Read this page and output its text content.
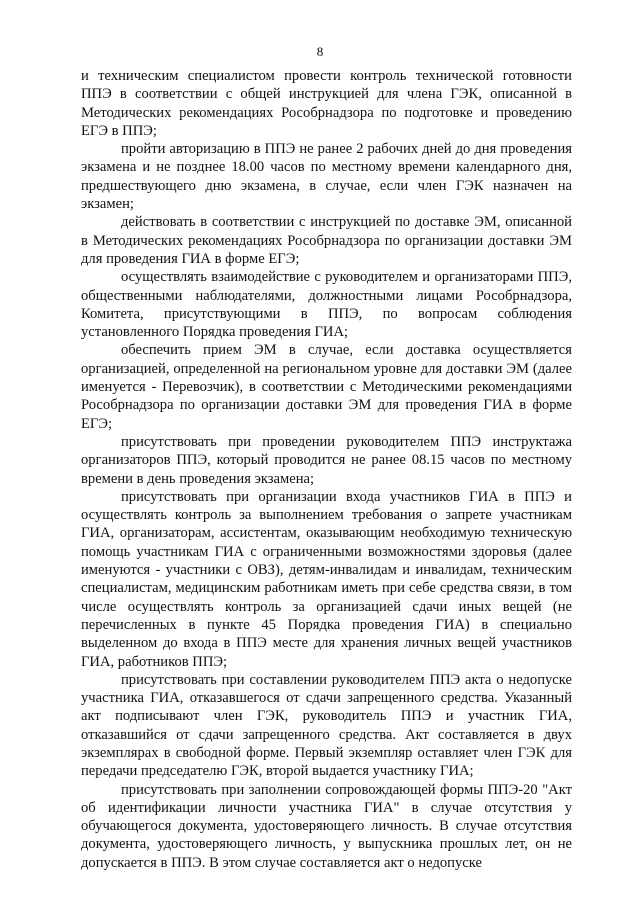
8

и техническим специалистом провести контроль технической готовности ППЭ в соответствии с общей инструкцией для члена ГЭК, описанной в Методических рекомендациях Рособрнадзора по подготовке и проведению ЕГЭ в ППЭ;

пройти авторизацию в ППЭ не ранее 2 рабочих дней до дня проведения экзамена и не позднее 18.00 часов по местному времени календарного дня, предшествующего дню экзамена, в случае, если член ГЭК назначен на экзамен;

действовать в соответствии с инструкцией по доставке ЭМ, описанной в Методических рекомендациях Рособрнадзора по организации доставки ЭМ для проведения ГИА в форме ЕГЭ;

осуществлять взаимодействие с руководителем и организаторами ППЭ, общественными наблюдателями, должностными лицами Рособрнадзора, Комитета, присутствующими в ППЭ, по вопросам соблюдения установленного Порядка проведения ГИА;

обеспечить прием ЭМ в случае, если доставка осуществляется организацией, определенной на региональном уровне для доставки ЭМ (далее именуется - Перевозчик), в соответствии с Методическими рекомендациями Рособрнадзора по организации доставки ЭМ для проведения ГИА в форме ЕГЭ;

присутствовать при проведении руководителем ППЭ инструктажа организаторов ППЭ, который проводится не ранее 08.15 часов по местному времени в день проведения экзамена;

присутствовать при организации входа участников ГИА в ППЭ и осуществлять контроль за выполнением требования о запрете участникам ГИА, организаторам, ассистентам, оказывающим необходимую техническую помощь участникам ГИА с ограниченными возможностями здоровья (далее именуются - участники с ОВЗ), детям-инвалидам и инвалидам, техническим специалистам, медицинским работникам иметь при себе средства связи, в том числе осуществлять контроль за организацией сдачи иных вещей (не перечисленных в пункте 45 Порядка проведения ГИА) в специально выделенном до входа в ППЭ месте для хранения личных вещей участников ГИА, работников ППЭ;

присутствовать при составлении руководителем ППЭ акта о недопуске участника ГИА, отказавшегося от сдачи запрещенного средства. Указанный акт подписывают член ГЭК, руководитель ППЭ и участник ГИА, отказавшийся от сдачи запрещенного средства. Акт составляется в двух экземплярах в свободной форме. Первый экземпляр оставляет член ГЭК для передачи председателю ГЭК, второй выдается участнику ГИА;

присутствовать при заполнении сопровождающей формы ППЭ-20 "Акт об идентификации личности участника ГИА" в случае отсутствия у обучающегося документа, удостоверяющего личность. В случае отсутствия документа, удостоверяющего личность, у выпускника прошлых лет, он не допускается в ППЭ. В этом случае составляется акт о недопуске
